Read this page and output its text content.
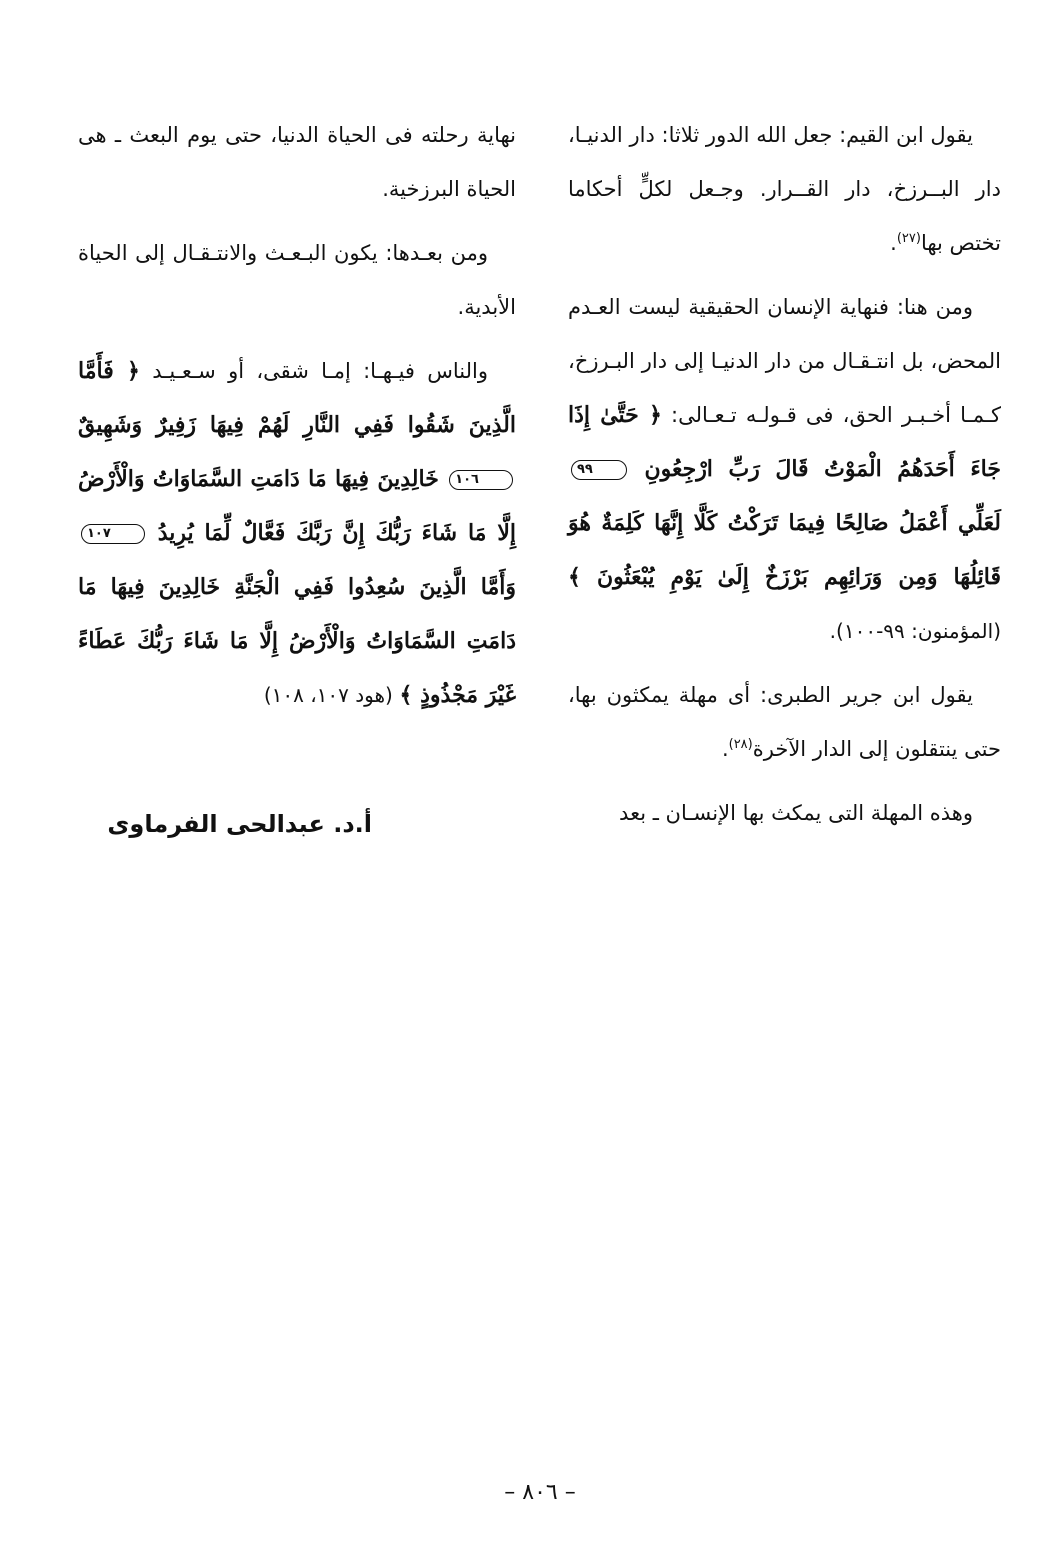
يقول ابن القيم: جعل الله الدور ثلاثا: دار الدنيـا، دار البــرزخ، دار القــرار. وجـعل لكلٍّ أحكاما تختص بها$^{(٢٧)}$.

ومن هنا: فنهاية الإنسان الحقيقية ليست العـدم المحض، بل انتـقـال من دار الدنيـا إلى دار البـرزخ، كـمـا أخـبـر الحق، فى قـولـه تـعـالى: ﴿ حَتَّىٰ إِذَا جَاءَ أَحَدَهُمُ الْمَوْتُ قَالَ رَبِّ ارْجِعُونِ ٩٩ لَعَلِّي أَعْمَلُ صَالِحًا فِيمَا تَرَكْتُ كَلَّا إِنَّهَا كَلِمَةٌ هُوَ قَائِلُهَا وَمِن وَرَائِهِم بَرْزَخٌ إِلَىٰ يَوْمِ يُبْعَثُونَ ﴾ (المؤمنون: ٩٩-١٠٠).

يقول ابن جرير الطبرى: أى مهلة يمكثون بها، حتى ينتقلون إلى الدار الآخرة$^{(٢٨)}$.

وهذه المهلة التى يمكث بها الإنسـان ـ بعد

نهاية رحلته فى الحياة الدنيا، حتى يوم البعث ـ هى الحياة البرزخية.

ومن بعـدها: يكون البـعـث والانتـقـال إلى الحياة الأبدية.

والناس فيـهـا: إمـا شقى، أو سـعـيـد ﴿ فَأَمَّا الَّذِينَ شَقُوا فَفِي النَّارِ لَهُمْ فِيهَا زَفِيرٌ وَشَهِيقٌ ١٠٦ خَالِدِينَ فِيهَا مَا دَامَتِ السَّمَاوَاتُ وَالْأَرْضُ إِلَّا مَا شَاءَ رَبُّكَ إِنَّ رَبَّكَ فَعَّالٌ لِّمَا يُرِيدُ ١٠٧ وَأَمَّا الَّذِينَ سُعِدُوا فَفِي الْجَنَّةِ خَالِدِينَ فِيهَا مَا دَامَتِ السَّمَاوَاتُ وَالْأَرْضُ إِلَّا مَا شَاءَ رَبُّكَ عَطَاءً غَيْرَ مَجْذُوذٍ ﴾ (هود ١٠٧، ١٠٨)

أ.د. عبدالحى الفرماوى
– ٨٠٦ –
